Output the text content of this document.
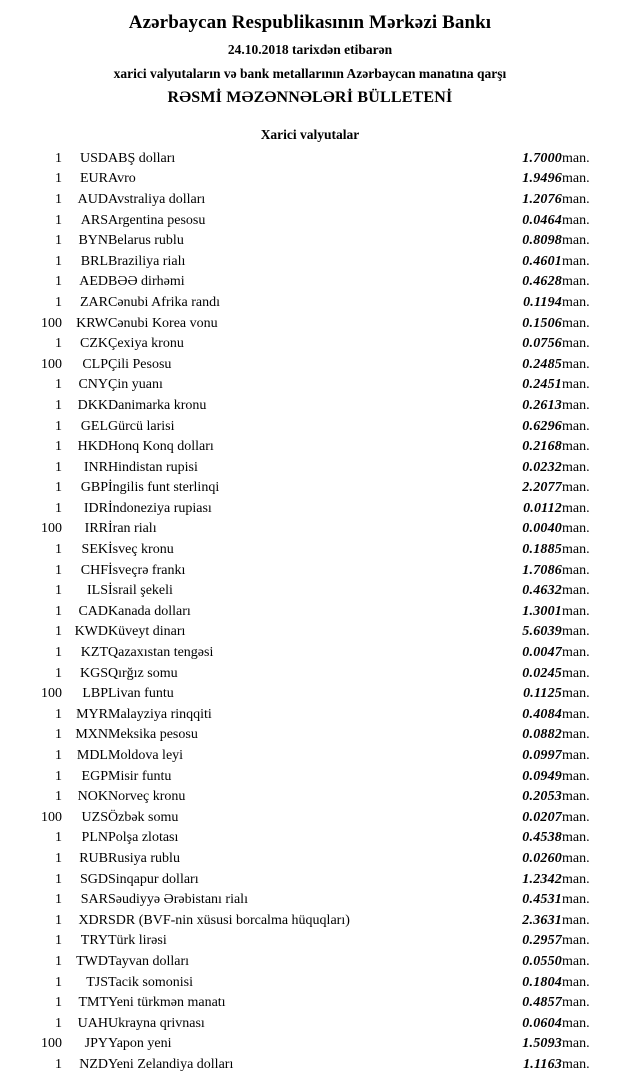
Azərbaycan Respublikasının Mərkəzi Bankı
24.10.2018 tarixdən etibarən
xarici valyutaların və bank metallarının Azərbaycan manatına qarşı
RƏSMİ MƏZƏNNƏLƏRİ BÜLLETENİ
Xarici valyutalar
1	USD	ABŞ dolları	1.7000	man.
1	EUR	Avro	1.9496	man.
1	AUD	Avstraliya dolları	1.2076	man.
1	ARS	Argentina pesosu	0.0464	man.
1	BYN	Belarus rublu	0.8098	man.
1	BRL	Braziliya rialı	0.4601	man.
1	AED	BƏƏ dirhəmi	0.4628	man.
1	ZAR	Cənubi Afrika randı	0.1194	man.
100	KRW	Cənubi Korea vonu	0.1506	man.
1	CZK	Çexiya kronu	0.0756	man.
100	CLP	Çili Pesosu	0.2485	man.
1	CNY	Çin yuanı	0.2451	man.
1	DKK	Danimarka kronu	0.2613	man.
1	GEL	Gürcü larisi	0.6296	man.
1	HKD	Honq Konq dolları	0.2168	man.
1	INR	Hindistan rupisi	0.0232	man.
1	GBP	İngilis funt sterlinqi	2.2077	man.
1	IDR	İndoneziya rupiası	0.0112	man.
100	IRR	İran rialı	0.0040	man.
1	SEK	İsveç kronu	0.1885	man.
1	CHF	İsveçrə frankı	1.7086	man.
1	ILS	İsrail şekeli	0.4632	man.
1	CAD	Kanada dolları	1.3001	man.
1	KWD	Küveyt dinarı	5.6039	man.
1	KZT	Qazaxıstan tengəsi	0.0047	man.
1	KGS	Qırğız somu	0.0245	man.
100	LBP	Livan funtu	0.1125	man.
1	MYR	Malayziya rinqqiti	0.4084	man.
1	MXN	Meksika pesosu	0.0882	man.
1	MDL	Moldova leyi	0.0997	man.
1	EGP	Misir funtu	0.0949	man.
1	NOK	Norveç kronu	0.2053	man.
100	UZS	Özbək somu	0.0207	man.
1	PLN	Polşa zlotası	0.4538	man.
1	RUB	Rusiya rublu	0.0260	man.
1	SGD	Sinqapur dolları	1.2342	man.
1	SAR	Səudiyyə Ərəbistanı rialı	0.4531	man.
1	XDR	SDR (BVF-nin xüsusi borcalma hüquqları)	2.3631	man.
1	TRY	Türk lirəsi	0.2957	man.
1	TWD	Tayvan dolları	0.0550	man.
1	TJS	Tacik somonisi	0.1804	man.
1	TMT	Yeni türkmən manatı	0.4857	man.
1	UAH	Ukrayna qrivnası	0.0604	man.
100	JPY	Yapon yeni	1.5093	man.
1	NZD	Yeni Zelandiya dolları	1.1163	man.
